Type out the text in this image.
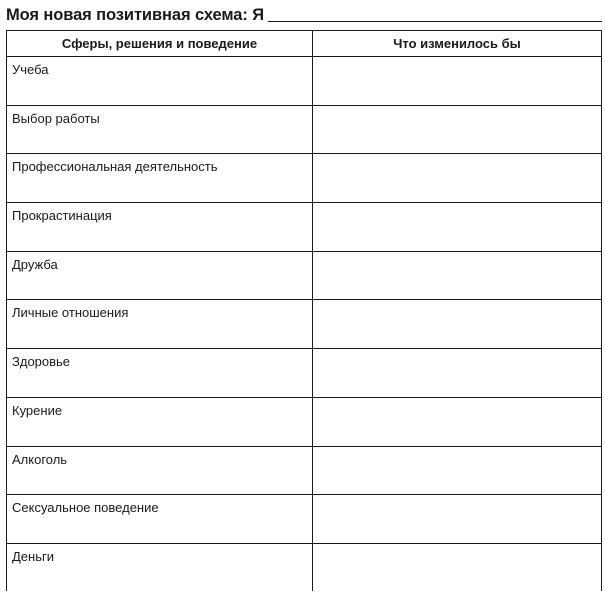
Моя новая позитивная схема: Я
Сферы, решения и поведение	Что изменилось бы
Учеба
Выбор работы
Профессиональная деятельность
Прокрастинация
Дружба
Личные отношения
Здоровье
Курение
Алкоголь
Сексуальное поведение
Деньги
